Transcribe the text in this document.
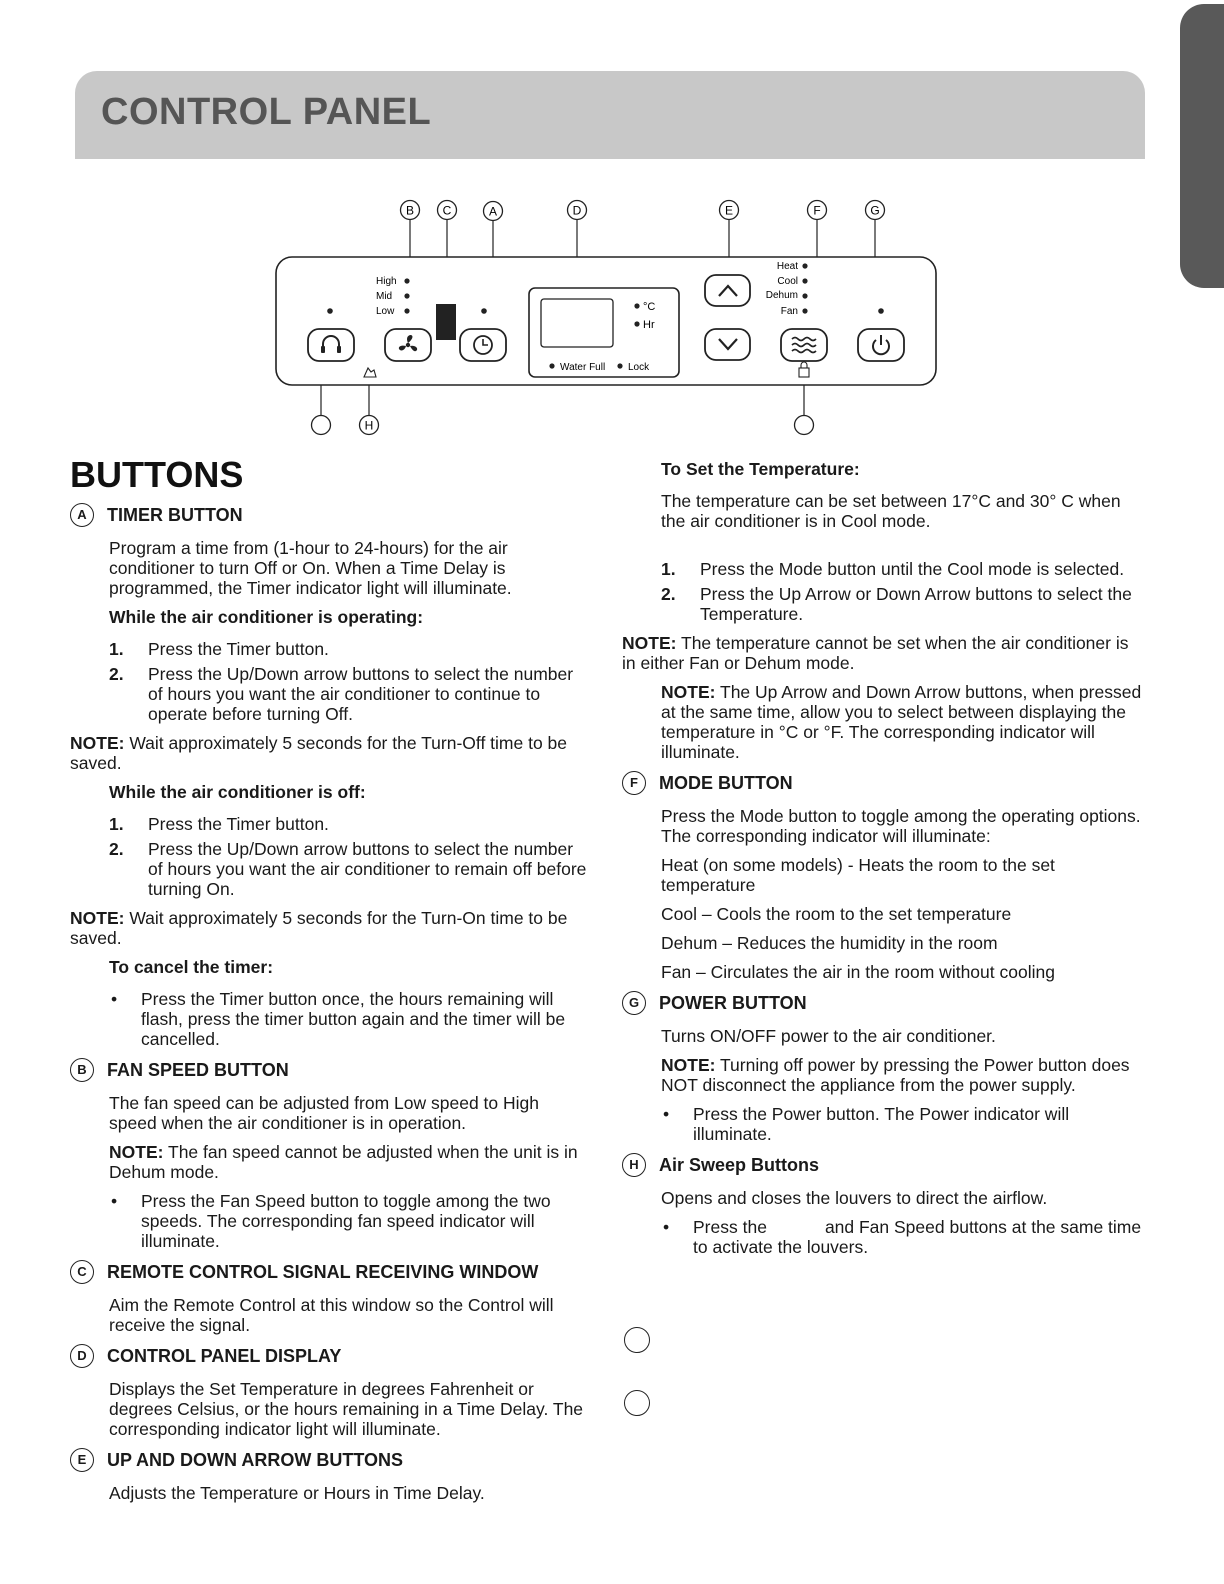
CONTROL PANEL
B C	A	D	E	F	G
High
Mid
Low	°C
Hr
Water Full Lock
Heat
Cool
Dehum
Fan
H
BUTTONS
A	TIMER BUTTON

Program a time from (1-hour to 24-hours) for the air conditioner to turn Off or On. When a Time Delay is programmed, the Timer indicator light will illuminate.

While the air conditioner is operating:
1.	Press the Timer button.
2.	Press the Up/Down arrow buttons to select the number of hours you want the air conditioner to continue to operate before turning Off.

NOTE: Wait approximately 5 seconds for the Turn-Off time to be saved.

While the air conditioner is off:
1.	Press the Timer button.
2.	Press the Up/Down arrow buttons to select the number of hours you want the air conditioner to remain off before turning On.

NOTE: Wait approximately 5 seconds for the Turn-On time to be saved.

To cancel the timer:
•	Press the Timer button once, the hours remaining will flash, press the timer button again and the timer will be cancelled.
B	FAN SPEED BUTTON

The fan speed can be adjusted from Low speed to High speed when the air conditioner is in operation.

NOTE: The fan speed cannot be adjusted when the unit is in Dehum mode.

•	Press the Fan Speed button to toggle among the two speeds. The corresponding fan speed indicator will illuminate.
C	REMOTE CONTROL SIGNAL RECEIVING WINDOW

Aim the Remote Control at this window so the Control will receive the signal.

D	CONTROL PANEL DISPLAY

Displays the Set Temperature in degrees Fahrenheit or degrees Celsius, or the hours remaining in a Time Delay. The corresponding indicator light will illuminate.

E	UP AND DOWN ARROW BUTTONS

Adjusts the Temperature or Hours in Time Delay.

To Set the Temperature:

The temperature can be set between 17°C and 30° C when the air conditioner is in Cool mode.

1.	Press the Mode button until the Cool mode is selected.
2.	Press the Up Arrow or Down Arrow buttons to select the Temperature.

NOTE: The temperature cannot be set when the air conditioner is in either Fan or Dehum mode.

NOTE: The Up Arrow and Down Arrow buttons, when pressed at the same time, allow you to select between displaying the temperature in °C or °F. The corresponding indicator will illuminate.

F	MODE BUTTON

Press the Mode button to toggle among the operating options. The corresponding indicator will illuminate:

Heat (on some models) - Heats the room to the set temperature

Cool – Cools the room to the set temperature

Dehum – Reduces the humidity in the room

Fan – Circulates the air in the room without cooling

G	POWER BUTTON

Turns ON/OFF power to the air conditioner.

NOTE: Turning off power by pressing the Power button does NOT disconnect the appliance from the power supply.

•	Press the Power button. The Power indicator will illuminate.
H	Air Sweep Buttons

Opens and closes the louvers to direct the airflow.

•	Press the	and Fan Speed buttons at the same time to activate the louvers.
